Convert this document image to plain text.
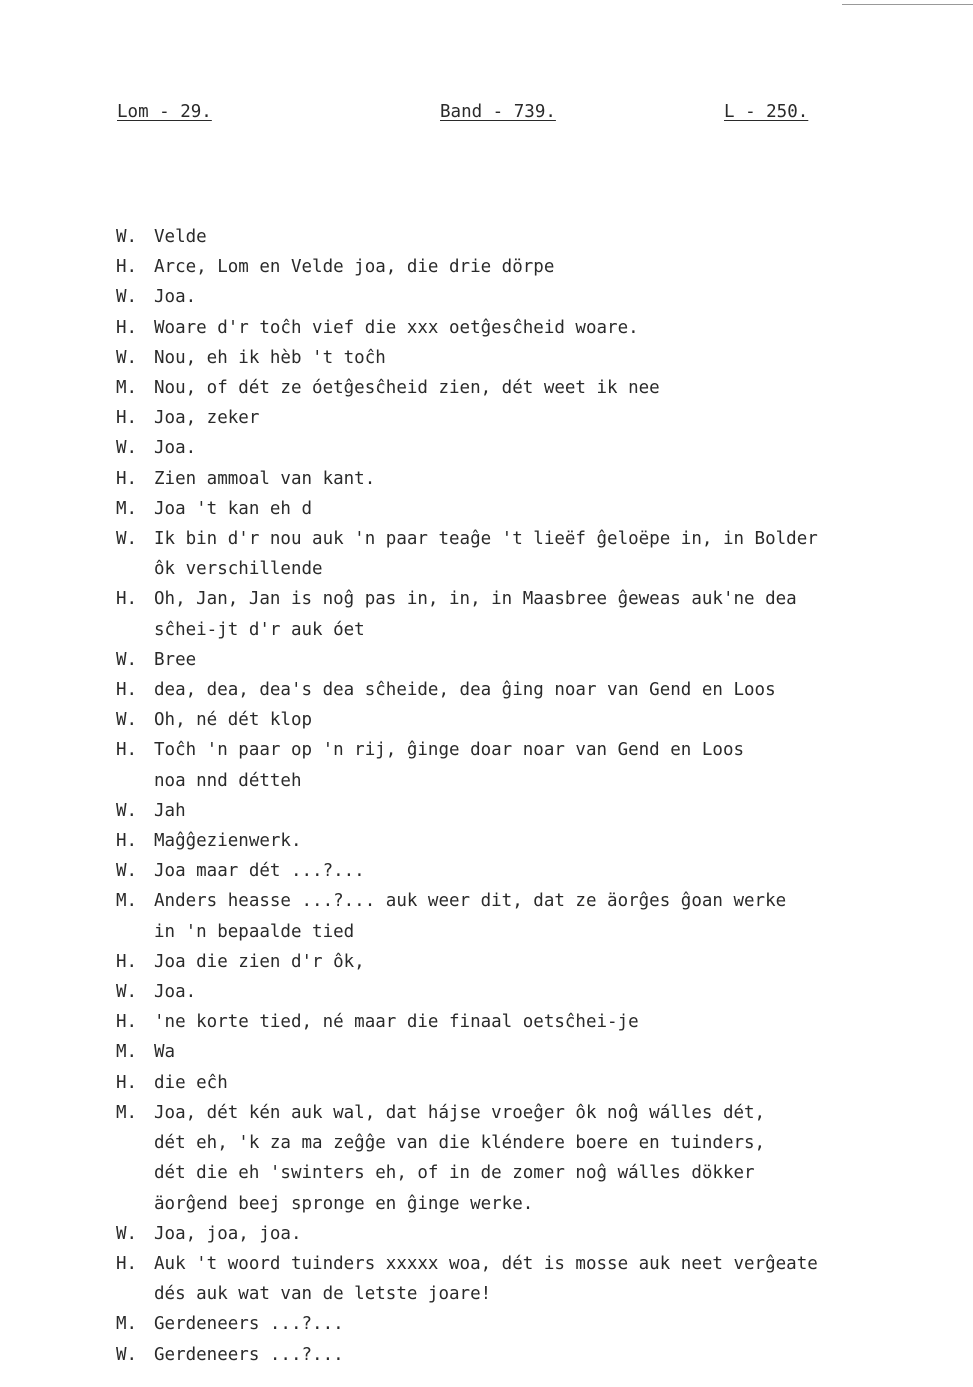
Lom - 29.	Band - 739.	L - 250.
W. Velde
H. Arce, Lom en Velde joa, die drie dörpe
W. Joa.
H. Woare d'r toĉh vief die xxx oetĝesĉheid woare.
W. Nou, eh ik hèb 't toĉh
M. Nou, of dét ze óetĝesĉheid zien, dét weet ik nee
H. Joa, zeker
W. Joa.
H. Zien ammoal van kant.
M. Joa 't kan eh d
W. Ik bin d'r nou auk 'n paar teaĝe 't lieëf ĝeloëpe in, in Bolder
ôk verschillende
H. Oh, Jan, Jan is noĝ pas in, in, in Maasbree ĝeweas auk'ne dea
sĉhei-jt d'r auk óet
W. Bree
H. dea, dea, dea's dea sĉheide, dea ĝing noar van Gend en Loos
W. Oh, né dét klop
H. Toĉh 'n paar op 'n rij, ĝinge doar noar van Gend en Loos
noa nnd détteh
W. Jah
H. Maĝĝezienwerk.
W. Joa maar dét ...?...
M. Anders heasse ...?... auk weer dit, dat ze äorĝes ĝoan werke
in 'n bepaalde tied
H. Joa die zien d'r ôk,
W. Joa.
H. 'ne korte tied, né maar die finaal oetsĉhei-je
M. Wa
H. die eĉh
M. Joa, dét kén auk wal, dat hájse vroeĝer ôk noĝ wálles dét,
dét eh, 'k za ma zeĝĝe van die kléndere boere en tuinders,
dét die eh 'swinters eh, of in de zomer noĝ wálles dökker
äorĝend beej spronge en ĝinge werke.
W. Joa, joa, joa.
H. Auk 't woord tuinders xxxxx woa, dét is mosse auk neet verĝeate
dés auk wat van de letste joare!
M. Gerdeneers ...?...
W. Gerdeneers ...?...
